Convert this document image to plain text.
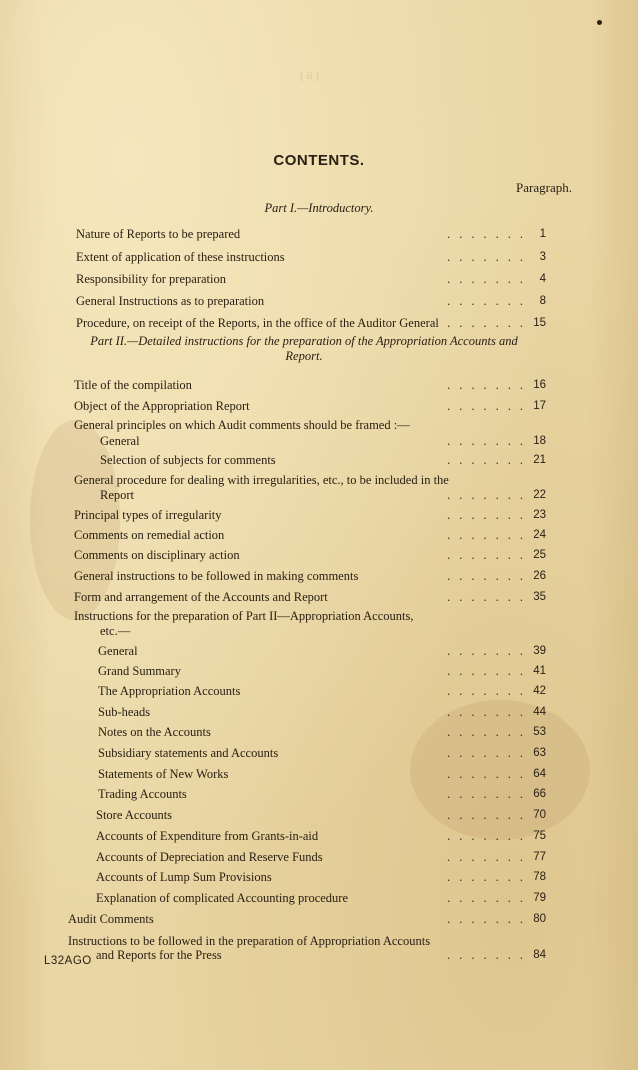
[ ii ]
CONTENTS.
Paragraph.
Part I.—Introductory.
Part II.—Detailed instructions for the preparation of the Appropriation Accounts and Report.
Nature of Reports to be prepared	....... 1
Extent of application of these instructions	....... 3
Responsibility for preparation	....... 4
General Instructions as to preparation	....... 8
Procedure, on receipt of the Reports, in the office of the Auditor General ....... 15
Title of the compilation	....... 16
Object of the Appropriation Report	....... 17
General principles on which Audit comments should be framed :—
General	....... 18
Selection of subjects for comments	....... 21
General procedure for dealing with irregularities, etc., to be included in the
Report	....... 22
Principal types of irregularity	....... 23
Comments on remedial action	....... 24
Comments on disciplinary action	....... 25
General instructions to be followed in making comments	....... 26
Form and arrangement of the Accounts and Report	....... 35
Instructions for the preparation of Part II—Appropriation Accounts,
etc.—
General	....... 39
Grand Summary	....... 41
The Appropriation Accounts	....... 42
Sub-heads	....... 44
Notes on the Accounts	....... 53
Subsidiary statements and Accounts	....... 63
Statements of New Works	....... 64
Trading Accounts	....... 66
Store Accounts	....... 70
Accounts of Expenditure from Grants-in-aid	....... 75
Accounts of Depreciation and Reserve Funds	....... 77
Accounts of Lump Sum Provisions	....... 78
Explanation of complicated Accounting procedure	....... 79
Audit Comments	....... 80
Instructions to be followed in the preparation of Appropriation Accounts
and Reports for the Press	....... 84
L32AGO
